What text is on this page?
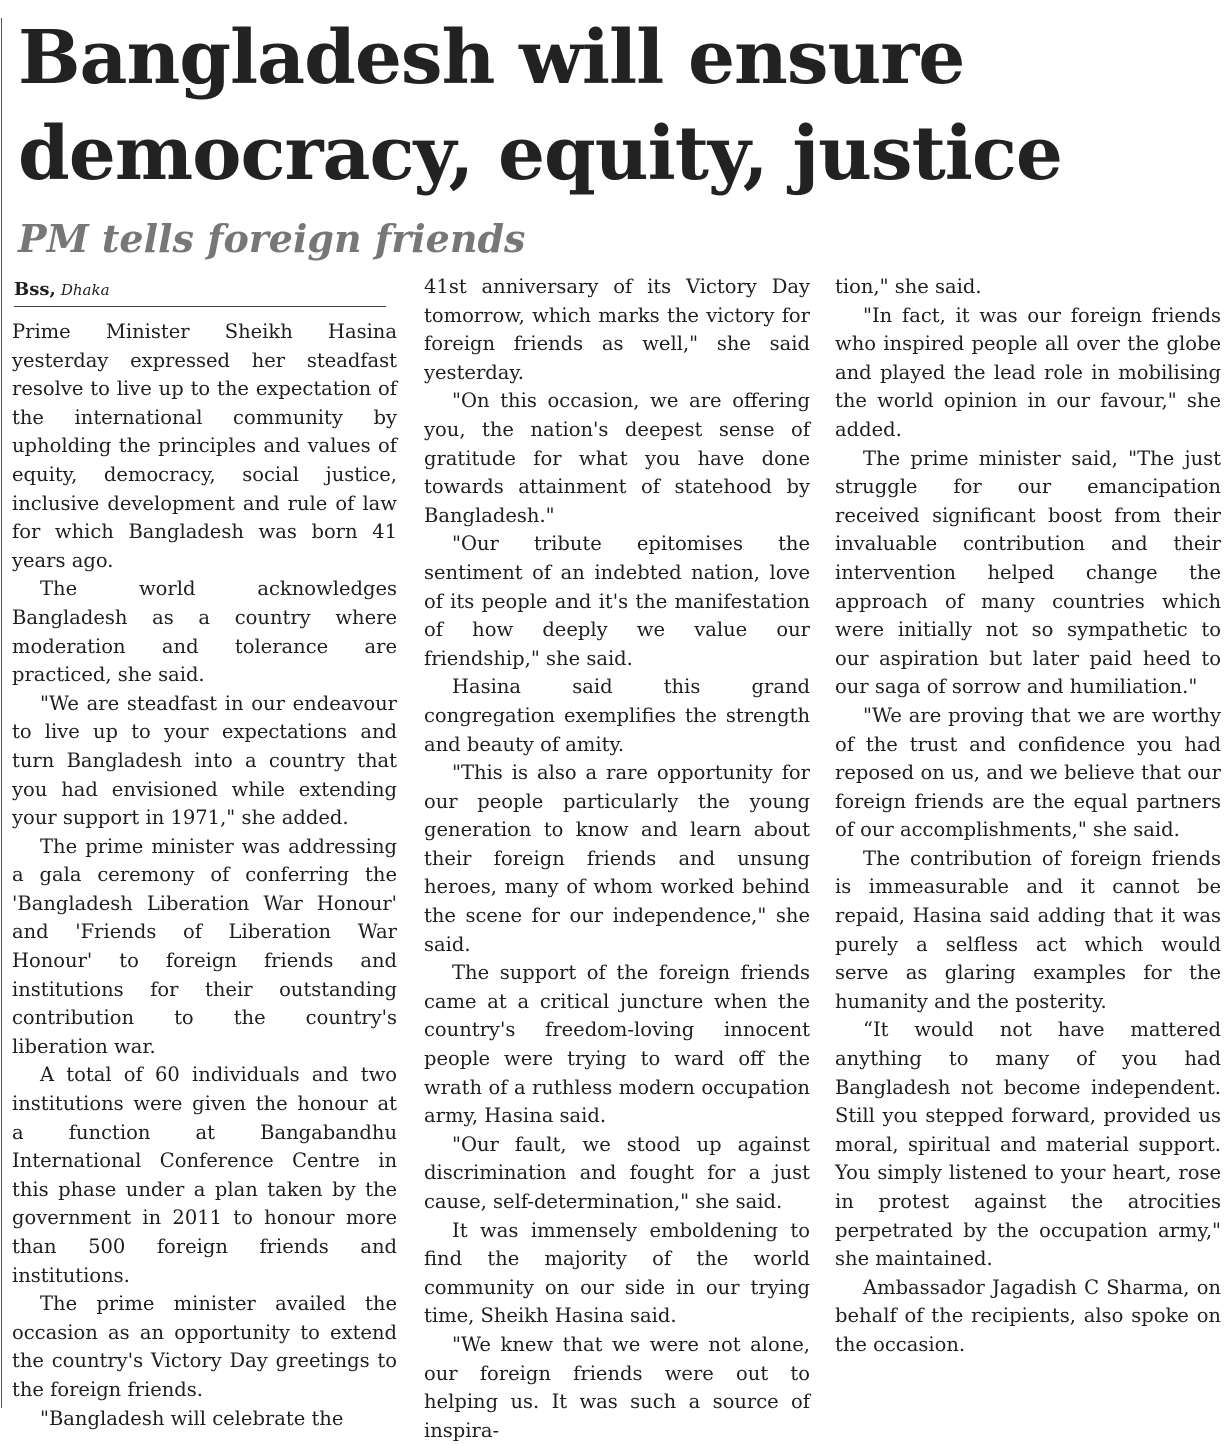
Bangladesh will ensure
democracy, equity, justice
PM tells foreign friends
Bss, Dhaka

Prime Minister Sheikh Hasina yesterday expressed her steadfast resolve to live up to the expectation of the international community by upholding the principles and values of equity, democracy, social justice, inclusive development and rule of law for which Bangladesh was born 41 years ago.

The world acknowledges Bangladesh as a country where moderation and tolerance are practiced, she said.

"We are steadfast in our endeavour to live up to your expectations and turn Bangladesh into a country that you had envisioned while extending your support in 1971," she added.

The prime minister was addressing a gala ceremony of conferring the 'Bangladesh Liberation War Honour' and 'Friends of Liberation War Honour' to foreign friends and institutions for their outstanding contribution to the country's liberation war.

A total of 60 individuals and two institutions were given the honour at a function at Bangabandhu International Conference Centre in this phase under a plan taken by the government in 2011 to honour more than 500 foreign friends and institutions.

The prime minister availed the occasion as an opportunity to extend the country's Victory Day greetings to the foreign friends.

"Bangladesh will celebrate the

41st anniversary of its Victory Day tomorrow, which marks the victory for foreign friends as well," she said yesterday.

"On this occasion, we are offering you, the nation's deepest sense of gratitude for what you have done towards attainment of statehood by Bangladesh."

"Our tribute epitomises the sentiment of an indebted nation, love of its people and it's the manifestation of how deeply we value our friendship," she said.

Hasina said this grand congregation exemplifies the strength and beauty of amity.

"This is also a rare opportunity for our people particularly the young generation to know and learn about their foreign friends and unsung heroes, many of whom worked behind the scene for our independence," she said.

The support of the foreign friends came at a critical juncture when the country's freedom-loving innocent people were trying to ward off the wrath of a ruthless modern occupation army, Hasina said.

"Our fault, we stood up against discrimination and fought for a just cause, self-determination," she said.

It was immensely emboldening to find the majority of the world community on our side in our trying time, Sheikh Hasina said.

"We knew that we were not alone, our foreign friends were out to helping us. It was such a source of inspira-

tion," she said.

"In fact, it was our foreign friends who inspired people all over the globe and played the lead role in mobilising the world opinion in our favour," she added.

The prime minister said, "The just struggle for our emancipation received significant boost from their invaluable contribution and their intervention helped change the approach of many countries which were initially not so sympathetic to our aspiration but later paid heed to our saga of sorrow and humiliation."

"We are proving that we are worthy of the trust and confidence you had reposed on us, and we believe that our foreign friends are the equal partners of our accomplishments," she said.

The contribution of foreign friends is immeasurable and it cannot be repaid, Hasina said adding that it was purely a selfless act which would serve as glaring examples for the humanity and the posterity.

“It would not have mattered anything to many of you had Bangladesh not become independent. Still you stepped forward, provided us moral, spiritual and material support. You simply listened to your heart, rose in protest against the atrocities perpetrated by the occupation army," she maintained.

Ambassador Jagadish C Sharma, on behalf of the recipients, also spoke on the occasion.
